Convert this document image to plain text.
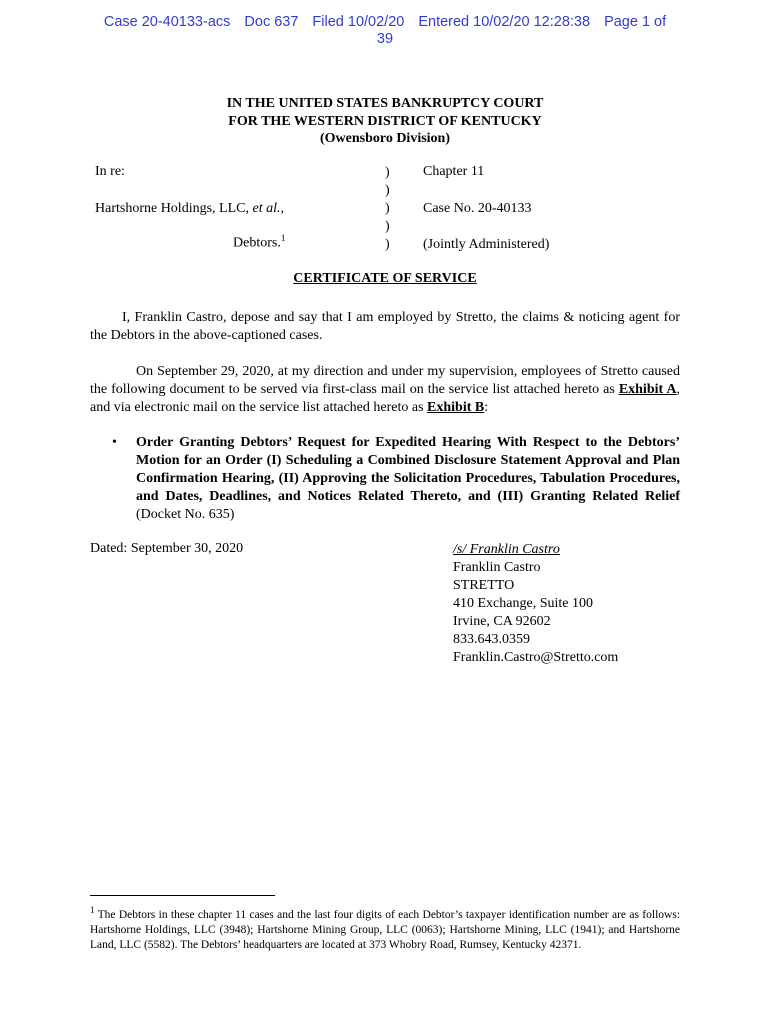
Case 20-40133-acs Doc 637 Filed 10/02/20 Entered 10/02/20 12:28:38 Page 1 of
39
IN THE UNITED STATES BANKRUPTCY COURT
FOR THE WESTERN DISTRICT OF KENTUCKY
(Owensboro Division)
In re:
Hartshorne Holdings, LLC, et al.,
Debtors.$^1$
)
)
)
)
)
Chapter 11
Case No. 20-40133
(Jointly Administered)
CERTIFICATE OF SERVICE
I, Franklin Castro, depose and say that I am employed by Stretto, the claims & noticing agent for the Debtors in the above-captioned cases.
On September 29, 2020, at my direction and under my supervision, employees of Stretto caused the following document to be served via first-class mail on the service list attached hereto as Exhibit A, and via electronic mail on the service list attached hereto as Exhibit B:
• Order Granting Debtors’ Request for Expedited Hearing With Respect to the Debtors’ Motion for an Order (I) Scheduling a Combined Disclosure Statement Approval and Plan Confirmation Hearing, (II) Approving the Solicitation Procedures, Tabulation Procedures, and Dates, Deadlines, and Notices Related Thereto, and (III) Granting Related Relief (Docket No. 635)
Dated: September 30, 2020	/s/ Franklin Castro
Franklin Castro
STRETTO
410 Exchange, Suite 100
Irvine, CA 92602
833.643.0359
Franklin.Castro@Stretto.com
$^1$ The Debtors in these chapter 11 cases and the last four digits of each Debtor’s taxpayer identification number are as follows: Hartshorne Holdings, LLC (3948); Hartshorne Mining Group, LLC (0063); Hartshorne Mining, LLC (1941); and Hartshorne Land, LLC (5582). The Debtors’ headquarters are located at 373 Whobry Road, Rumsey, Kentucky 42371.
